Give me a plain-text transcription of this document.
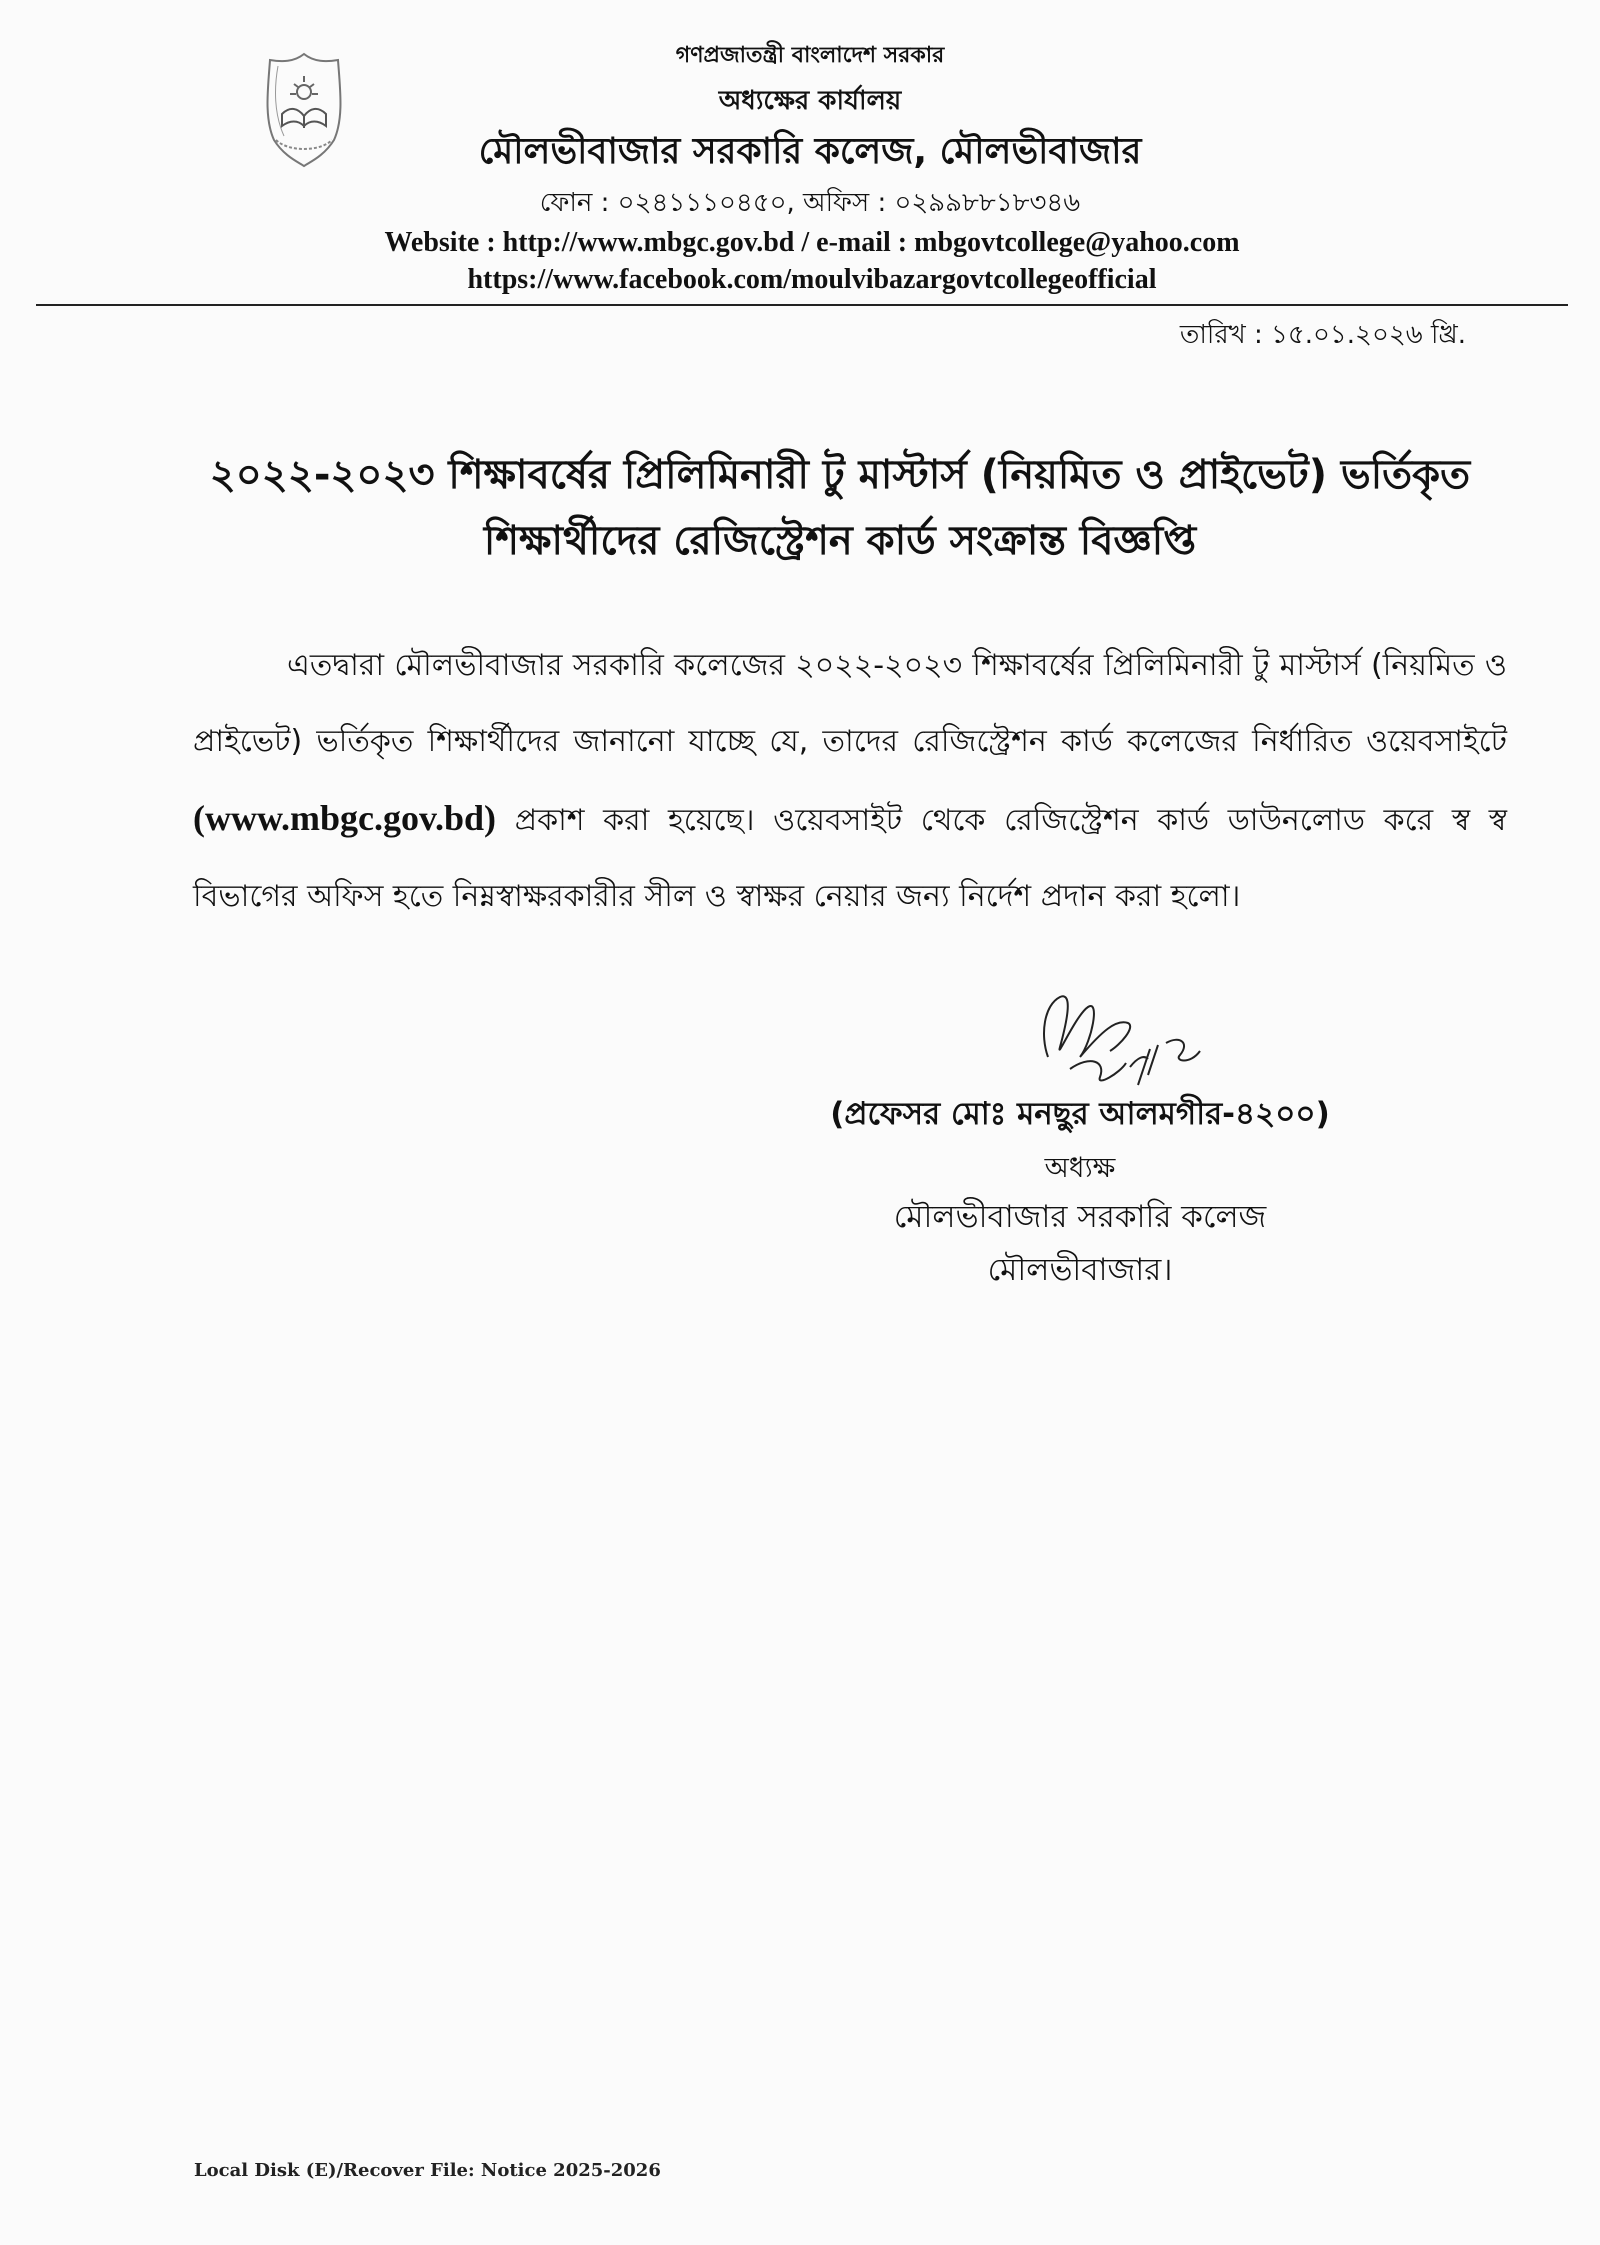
গণপ্রজাতন্ত্রী বাংলাদেশ সরকার
অধ্যক্ষের কার্যালয়
মৌলভীবাজার সরকারি কলেজ, মৌলভীবাজার
ফোন : ০২৪১১১০৪৫০, অফিস : ০২৯৯৮৮১৮৩৪৬
Website : http://www.mbgc.gov.bd / e-mail : mbgovtcollege@yahoo.com
https://www.facebook.com/moulvibazargovtcollegeofficial
তারিখ : ১৫.০১.২০২৬ খ্রি.
২০২২-২০২৩ শিক্ষাবর্ষের প্রিলিমিনারী টু মাস্টার্স (নিয়মিত ও প্রাইভেট) ভর্তিকৃত
শিক্ষার্থীদের রেজিস্ট্রেশন কার্ড সংক্রান্ত বিজ্ঞপ্তি
এতদ্বারা মৌলভীবাজার সরকারি কলেজের ২০২২-২০২৩ শিক্ষাবর্ষের প্রিলিমিনারী টু মাস্টার্স (নিয়মিত ও প্রাইভেট) ভর্তিকৃত শিক্ষার্থীদের জানানো যাচ্ছে যে, তাদের রেজিস্ট্রেশন কার্ড কলেজের নির্ধারিত ওয়েবসাইটে (www.mbgc.gov.bd) প্রকাশ করা হয়েছে। ওয়েবসাইট থেকে রেজিস্ট্রেশন কার্ড ডাউনলোড করে স্ব স্ব বিভাগের অফিস হতে নিম্নস্বাক্ষরকারীর সীল ও স্বাক্ষর নেয়ার জন্য নির্দেশ প্রদান করা হলো।
(প্রফেসর মোঃ মনছুর আলমগীর-৪২০০)
অধ্যক্ষ
মৌলভীবাজার সরকারি কলেজ
মৌলভীবাজার।
Local Disk (E)/Recover File: Notice 2025-2026
